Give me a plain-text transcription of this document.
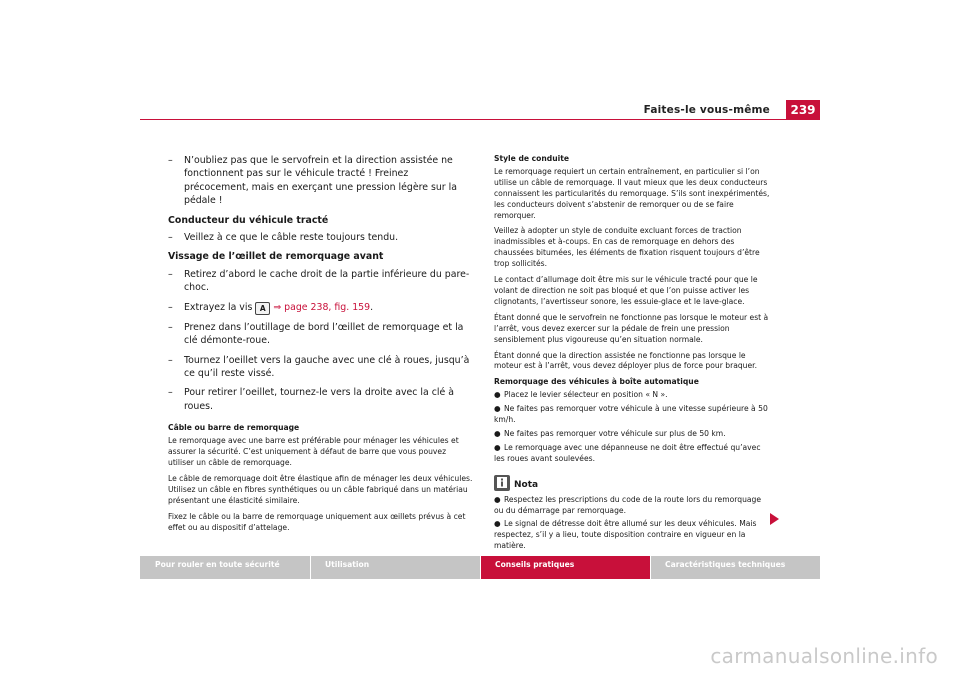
Faites-le vous-même	239
– N’oubliez pas que le servofrein et la direction assistée ne fonctionnent pas sur le véhicule tracté ! Freinez précocement, mais en exerçant une pression légère sur la pédale !
Conducteur du véhicule tracté
– Veillez à ce que le câble reste toujours tendu.
Vissage de l’œillet de remorquage avant
– Retirez d’abord le cache droit de la partie inférieure du pare-choc.
– Extrayez la vis A ⇒ page 238, fig. 159.
– Prenez dans l’outillage de bord l’œillet de remorquage et la clé démonte-roue.
– Tournez l’oeillet vers la gauche avec une clé à roues, jusqu’à ce qu’il reste vissé.
– Pour retirer l’oeillet, tournez-le vers la droite avec la clé à roues.
Câble ou barre de remorquage

Le remorquage avec une barre est préférable pour ménager les véhicules et assurer la sécurité. C’est uniquement à défaut de barre que vous pouvez utiliser un câble de remorquage.

Le câble de remorquage doit être élastique afin de ménager les deux véhicules. Utilisez un câble en fibres synthétiques ou un câble fabriqué dans un matériau présentant une élasticité similaire.

Fixez le câble ou la barre de remorquage uniquement aux œillets prévus à cet effet ou au dispositif d’attelage.

Style de conduite

Le remorquage requiert un certain entraînement, en particulier si l’on utilise un câble de remorquage. Il vaut mieux que les deux conducteurs connaissent les particularités du remorquage. S’ils sont inexpérimentés, les conducteurs doivent s’abstenir de remorquer ou de se faire remorquer.

Veillez à adopter un style de conduite excluant forces de traction inadmissibles et à-coups. En cas de remorquage en dehors des chaussées bitumées, les éléments de fixation risquent toujours d’être trop sollicités.

Le contact d’allumage doit être mis sur le véhicule tracté pour que le volant de direction ne soit pas bloqué et que l’on puisse activer les clignotants, l’avertisseur sonore, les essuie-glace et le lave-glace.

Étant donné que le servofrein ne fonctionne pas lorsque le moteur est à l’arrêt, vous devez exercer sur la pédale de frein une pression sensiblement plus vigoureuse qu’en situation normale.

Étant donné que la direction assistée ne fonctionne pas lorsque le moteur est à l’arrêt, vous devez déployer plus de force pour braquer.

Remorquage des véhicules à boîte automatique
● Placez le levier sélecteur en position « N ».
● Ne faites pas remorquer votre véhicule à une vitesse supérieure à 50 km/h.
● Ne faites pas remorquer votre véhicule sur plus de 50 km.
● Le remorquage avec une dépanneuse ne doit être effectué qu’avec les roues avant soulevées.
Nota
● Respectez les prescriptions du code de la route lors du remorquage ou du démarrage par remorquage.
● Le signal de détresse doit être allumé sur les deux véhicules. Mais respectez, s’il y a lieu, toute disposition contraire en vigueur en la matière.
Pour rouler en toute sécurité	Utilisation	Conseils pratiques	Caractéristiques techniques
carmanualsonline.info
